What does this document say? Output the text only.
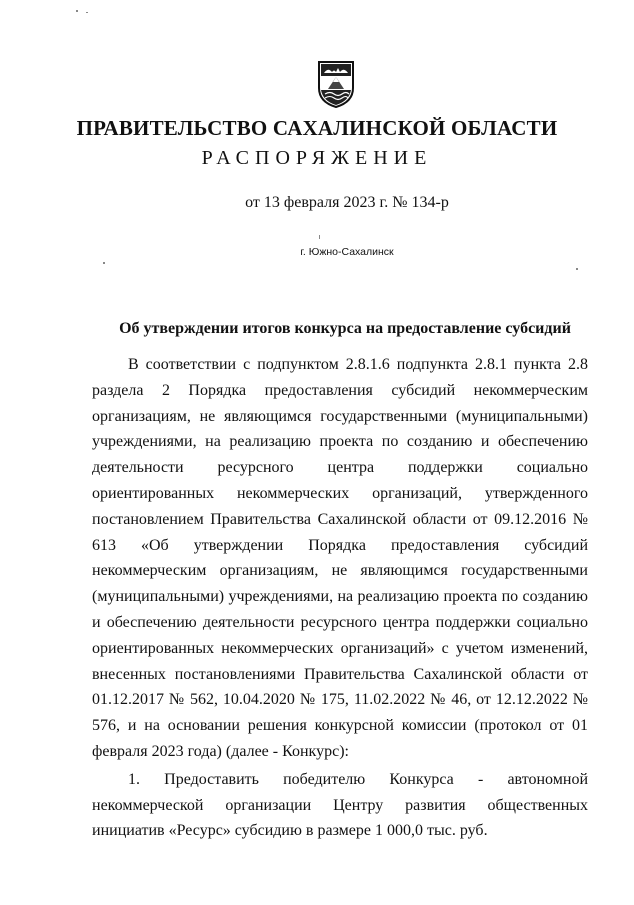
ПРАВИТЕЛЬСТВО САХАЛИНСКОЙ ОБЛАСТИ
РАСПОРЯЖЕНИЕ
от 13 февраля 2023 г. № 134-р
г. Южно-Сахалинск
Об утверждении итогов конкурса на предоставление субсидий

В соответствии с подпунктом 2.8.1.6 подпункта 2.8.1 пункта 2.8 раздела 2 Порядка предоставления субсидий некоммерческим организациям, не являющимся государственными (муниципальными) учреждениями, на реализацию проекта по созданию и обеспечению деятельности ресурсного центра поддержки социально ориентированных некоммерческих организаций, утвержденного постановлением Правительства Сахалинской области от 09.12.2016 № 613 «Об утверждении Порядка предоставления субсидий некоммерческим организациям, не являющимся государственными (муниципальными) учреждениями, на реализацию проекта по созданию и обеспечению деятельности ресурсного центра поддержки социально ориентированных некоммерческих организаций» с учетом изменений, внесенных постановлениями Правительства Сахалинской области от 01.12.2017 № 562, 10.04.2020 № 175, 11.02.2022 № 46, от 12.12.2022 № 576, и на основании решения конкурсной комиссии (протокол от 01 февраля 2023 года) (далее - Конкурс):

1. Предоставить победителю Конкурса - автономной некоммерческой организации Центру развития общественных инициатив «Ресурс» субсидию в размере 1 000,0 тыс. руб.
